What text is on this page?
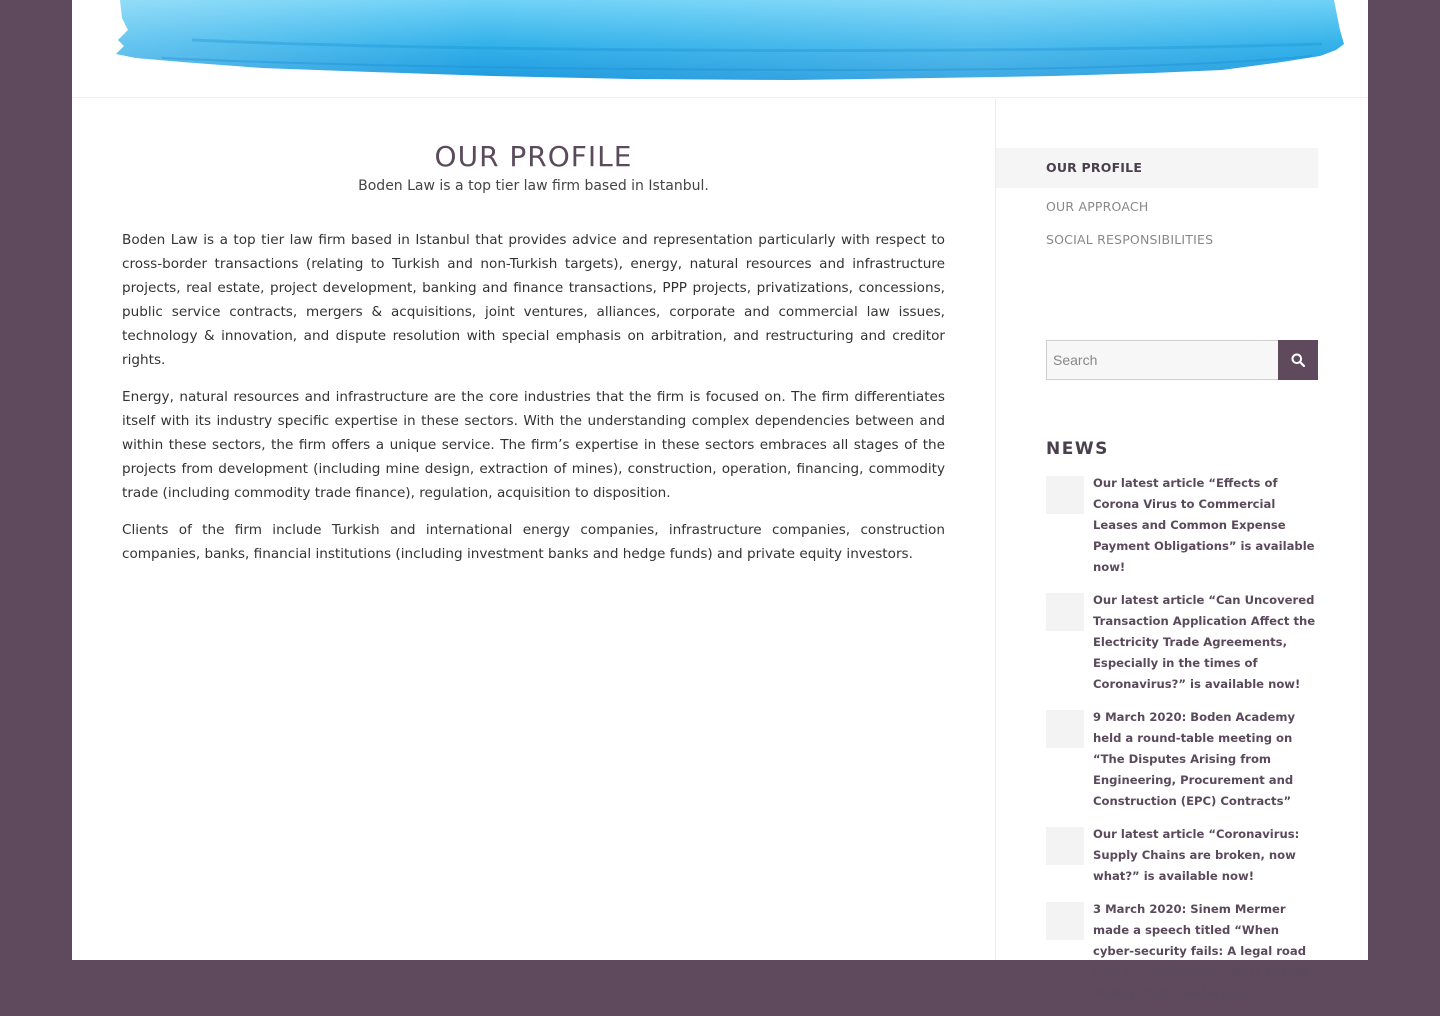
OUR PROFILE
Boden Law is a top tier law firm based in Istanbul.

Boden Law is a top tier law firm based in Istanbul that provides advice and representation particularly with respect to cross-border transactions (relating to Turkish and non-Turkish targets), energy, natural resources and infrastructure projects, real estate, project development, banking and finance transactions, PPP projects, privatizations, concessions, public service contracts, mergers & acquisitions, joint ventures, alliances, corporate and commercial law issues, technology & innovation, and dispute resolution with special emphasis on arbitration, and restructuring and creditor rights.

Energy, natural resources and infrastructure are the core industries that the firm is focused on. The firm differentiates itself with its industry specific expertise in these sectors. With the understanding complex dependencies between and within these sectors, the firm offers a unique service. The firm’s expertise in these sectors embraces all stages of the projects from development (including mine design, extraction of mines), construction, operation, financing, commodity trade (including commodity trade finance), regulation, acquisition to disposition.

Clients of the firm include Turkish and international energy companies, infrastructure companies, construction companies, banks, financial institutions (including investment banks and hedge funds) and private equity investors.

OUR PROFILE
OUR APPROACH
SOCIAL RESPONSIBILITIES
Search
NEWS
Our latest article “Effects of Corona Virus to Commercial Leases and Common Expense Payment Obligations” is available now!
Our latest article “Can Uncovered Transaction Application Affect the Electricity Trade Agreements, Especially in the times of Coronavirus?” is available now!
9 March 2020: Boden Academy held a round-table meeting on “The Disputes Arising from Engineering, Procurement and Construction (EPC) Contracts”
Our latest article “Coronavirus: Supply Chains are broken, now what?” is available now!
3 March 2020: Sinem Mermer made a speech titled “When cyber-security fails: A legal road map for companies” on IT Forum Turkey 2020 Conference
